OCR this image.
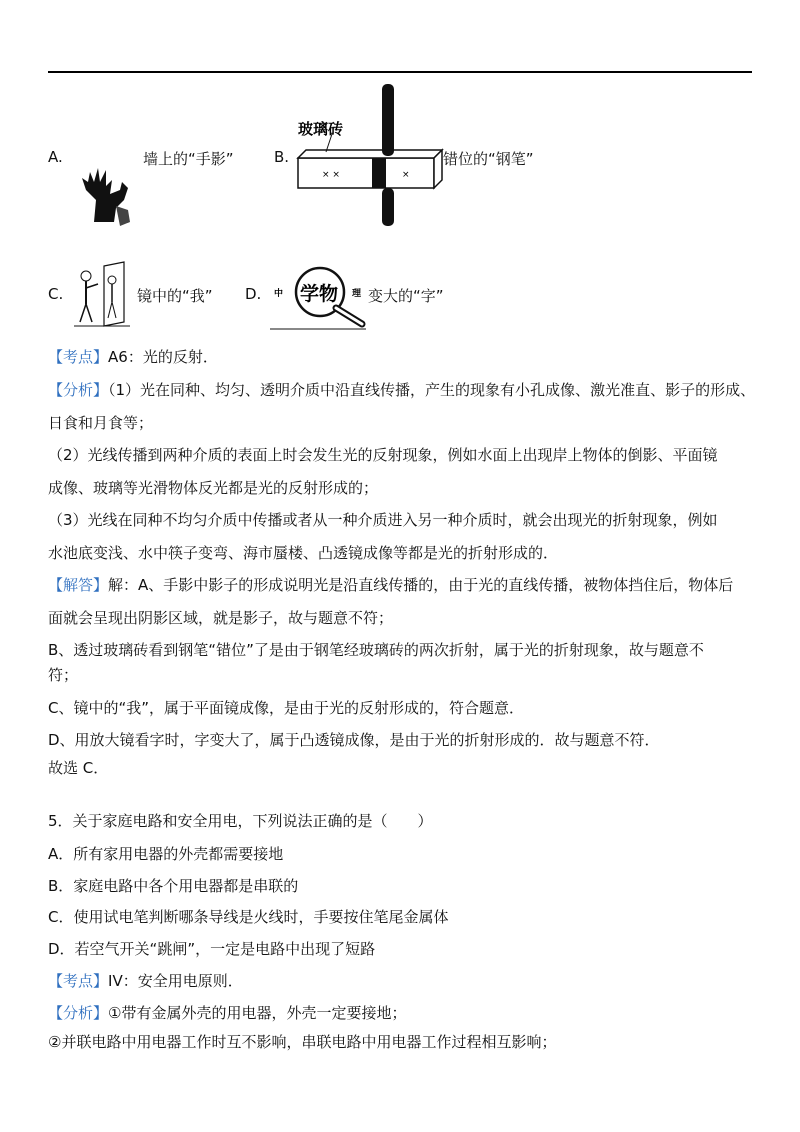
A.	墙上的“手影”	B.
× ×	×
玻璃砖
错位的“钢笔”
C.	镜中的“我” D. 中 学物 理 变大的“字”
【考点】A6：光的反射．
【分析】（1）光在同种、均匀、透明介质中沿直线传播，产生的现象有小孔成像、激光准直、影子的形成、
日食和月食等；
（2）光线传播到两种介质的表面上时会发生光的反射现象，例如水面上出现岸上物体的倒影、平面镜
成像、玻璃等光滑物体反光都是光的反射形成的；
（3）光线在同种不均匀介质中传播或者从一种介质进入另一种介质时，就会出现光的折射现象，例如
水池底变浅、水中筷子变弯、海市蜃楼、凸透镜成像等都是光的折射形成的．
【解答】解：A、手影中影子的形成说明光是沿直线传播的，由于光的直线传播，被物体挡住后，物体后
面就会呈现出阴影区域，就是影子，故与题意不符；
B、透过玻璃砖看到钢笔“错位”了是由于钢笔经玻璃砖的两次折射，属于光的折射现象，故与题意不
符；
C、镜中的“我”，属于平面镜成像，是由于光的反射形成的，符合题意．
D、用放大镜看字时，字变大了，属于凸透镜成像，是由于光的折射形成的．故与题意不符．
故选 C．
5．关于家庭电路和安全用电，下列说法正确的是（　　）
A．所有家用电器的外壳都需要接地
B．家庭电路中各个用电器都是串联的
C．使用试电笔判断哪条导线是火线时，手要按住笔尾金属体
D．若空气开关“跳闸”，一定是电路中出现了短路
【考点】IV：安全用电原则．
【分析】①带有金属外壳的用电器，外壳一定要接地；
②并联电路中用电器工作时互不影响，串联电路中用电器工作过程相互影响；
